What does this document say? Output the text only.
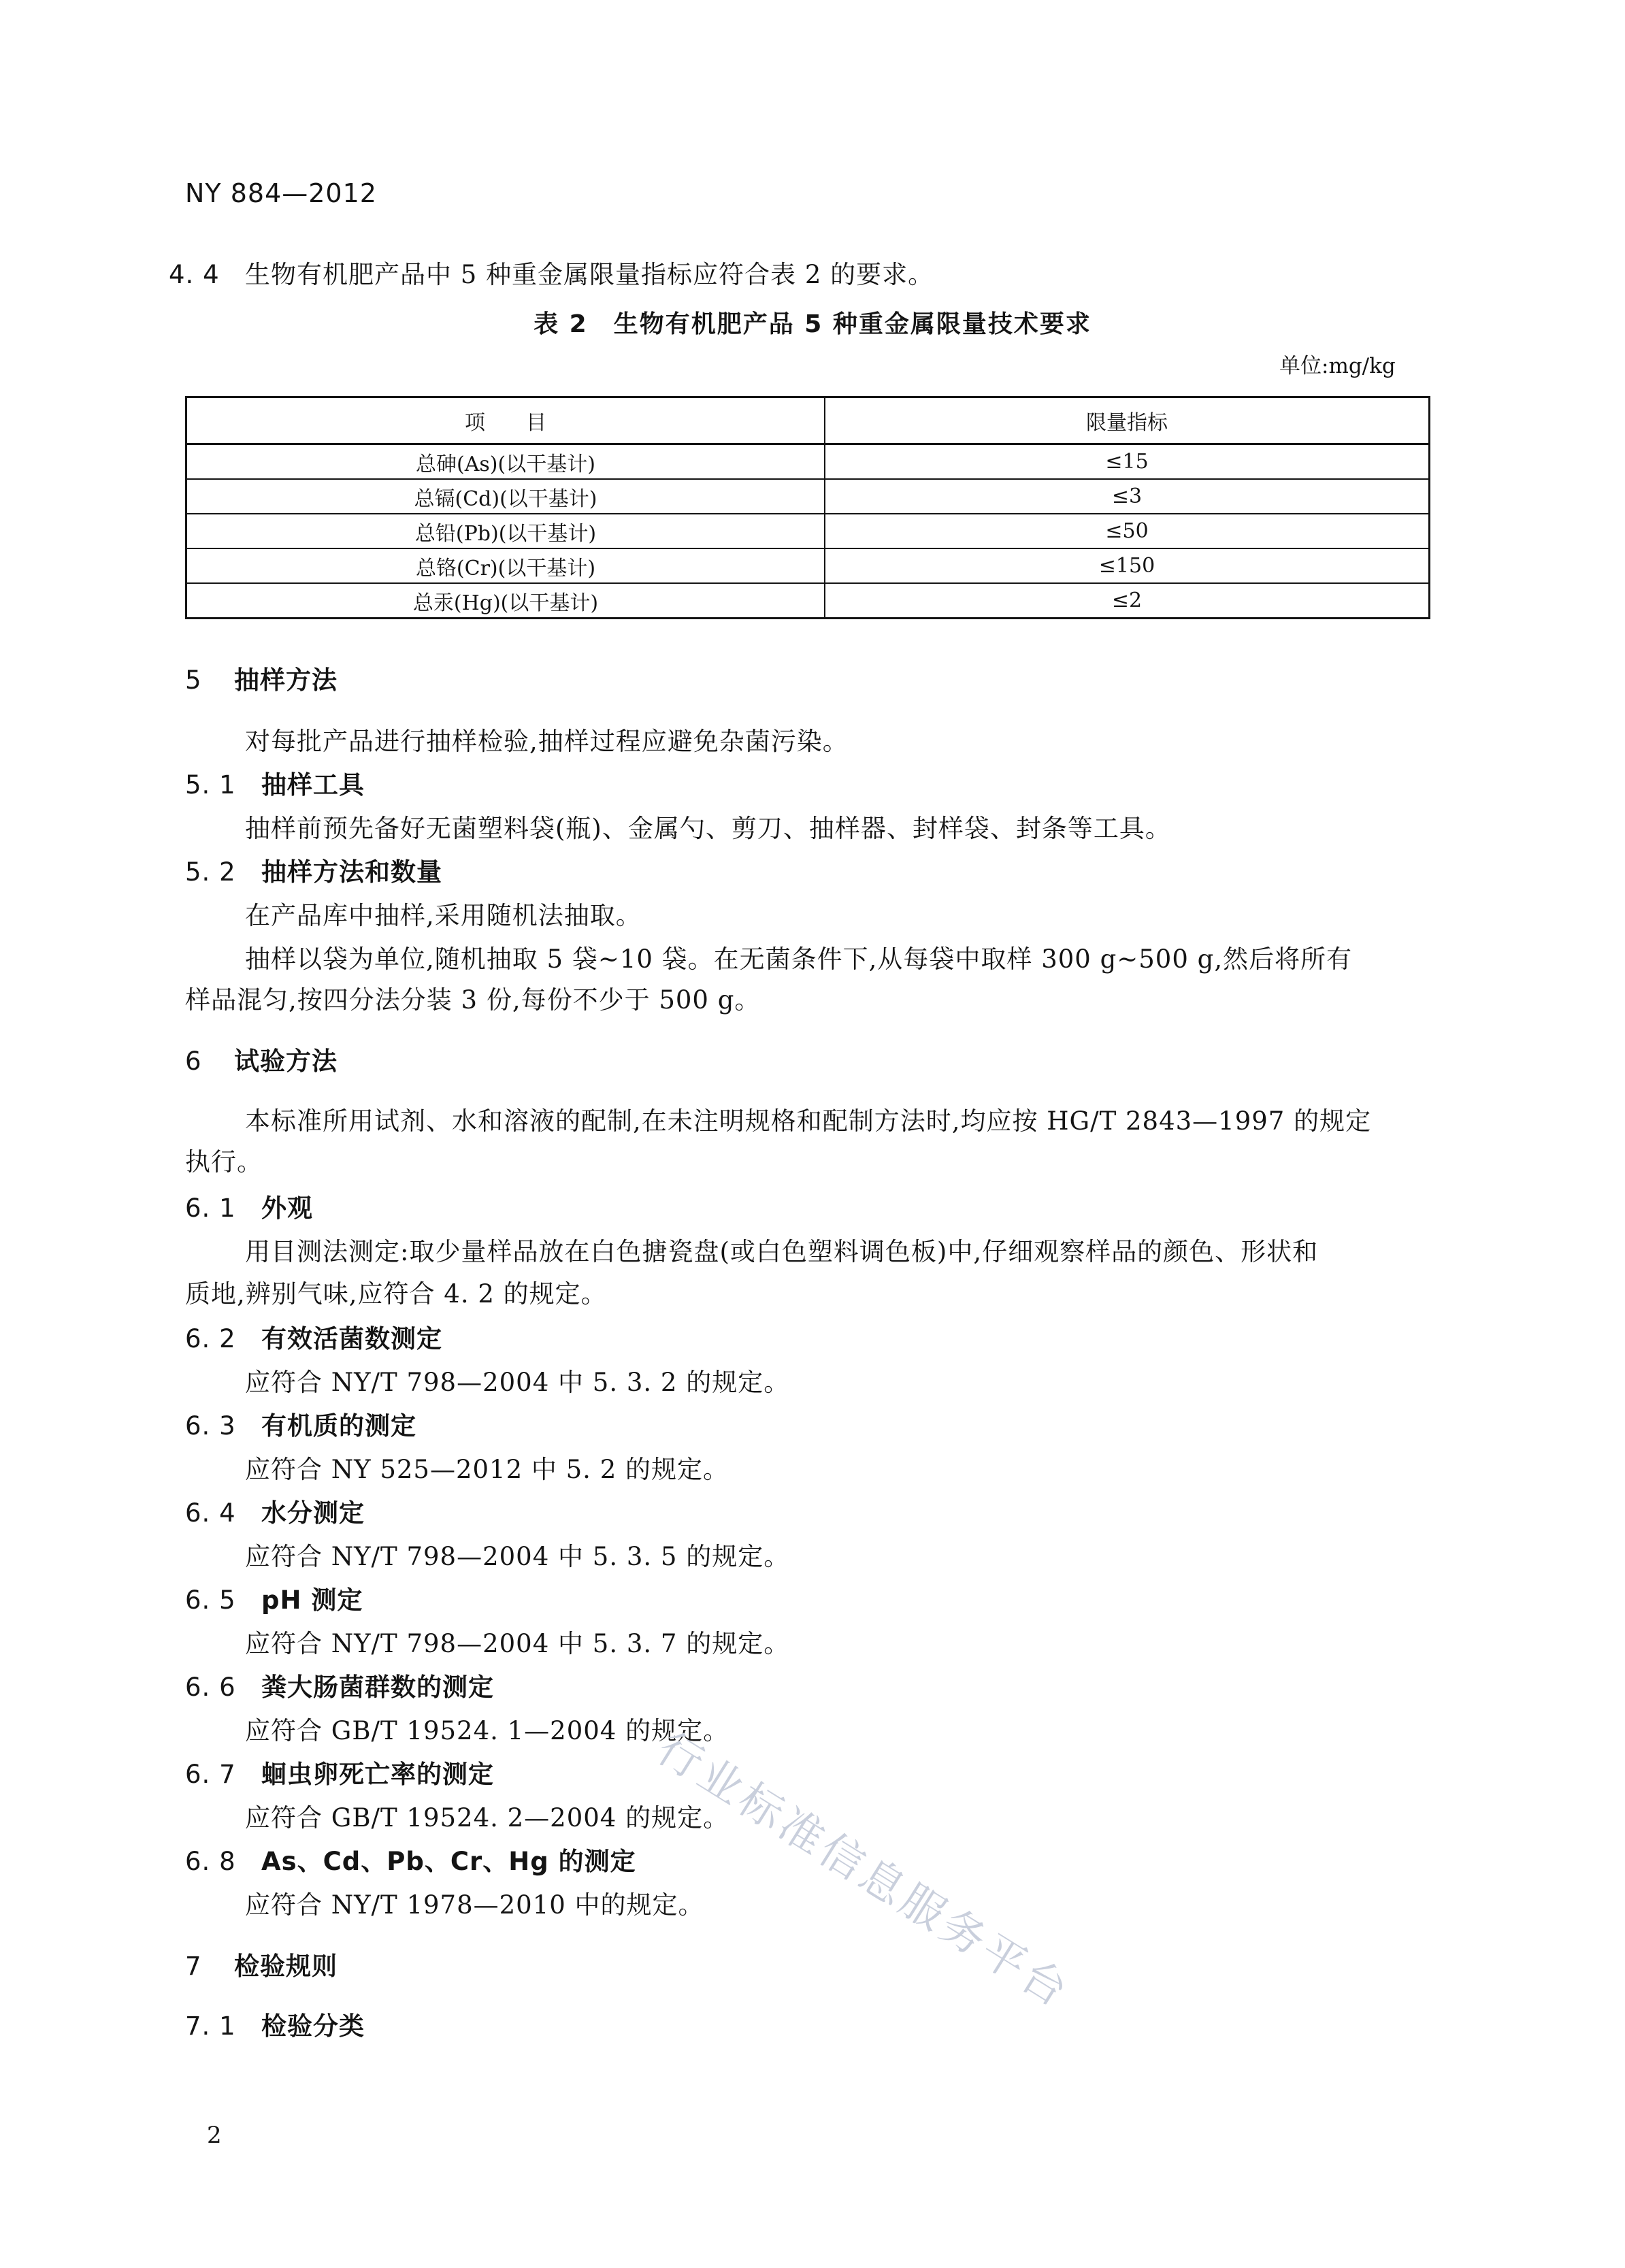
NY 884—2012
4. 4 生物有机肥产品中 5 种重金属限量指标应符合表 2 的要求。
表 2　生物有机肥产品 5 种重金属限量技术要求
单位:mg/kg
项　　目	限量指标
总砷(As)(以干基计)	≤15
总镉(Cd)(以干基计)	≤3
总铅(Pb)(以干基计)	≤50
总铬(Cr)(以干基计)	≤150
总汞(Hg)(以干基计)	≤2
5 抽样方法
对每批产品进行抽样检验,抽样过程应避免杂菌污染。
5. 1 抽样工具
抽样前预先备好无菌塑料袋(瓶)、金属勺、剪刀、抽样器、封样袋、封条等工具。
5. 2 抽样方法和数量
在产品库中抽样,采用随机法抽取。
抽样以袋为单位,随机抽取 5 袋~10 袋。在无菌条件下,从每袋中取样 300 g~500 g,然后将所有
样品混匀,按四分法分装 3 份,每份不少于 500 g。
6 试验方法
本标准所用试剂、水和溶液的配制,在未注明规格和配制方法时,均应按 HG/T 2843—1997 的规定
执行。
6. 1 外观
用目测法测定:取少量样品放在白色搪瓷盘(或白色塑料调色板)中,仔细观察样品的颜色、形状和
质地,辨别气味,应符合 4. 2 的规定。
6. 2 有效活菌数测定
应符合 NY/T 798—2004 中 5. 3. 2 的规定。
6. 3 有机质的测定
应符合 NY 525—2012 中 5. 2 的规定。
6. 4 水分测定
应符合 NY/T 798—2004 中 5. 3. 5 的规定。
6. 5 pH 测定
应符合 NY/T 798—2004 中 5. 3. 7 的规定。
6. 6 粪大肠菌群数的测定
应符合 GB/T 19524. 1—2004 的规定。
6. 7 蛔虫卵死亡率的测定
应符合 GB/T 19524. 2—2004 的规定。
6. 8 As、Cd、Pb、Cr、Hg 的测定
应符合 NY/T 1978—2010 中的规定。
7 检验规则
7. 1 检验分类
2
行业标准信息服务平台
